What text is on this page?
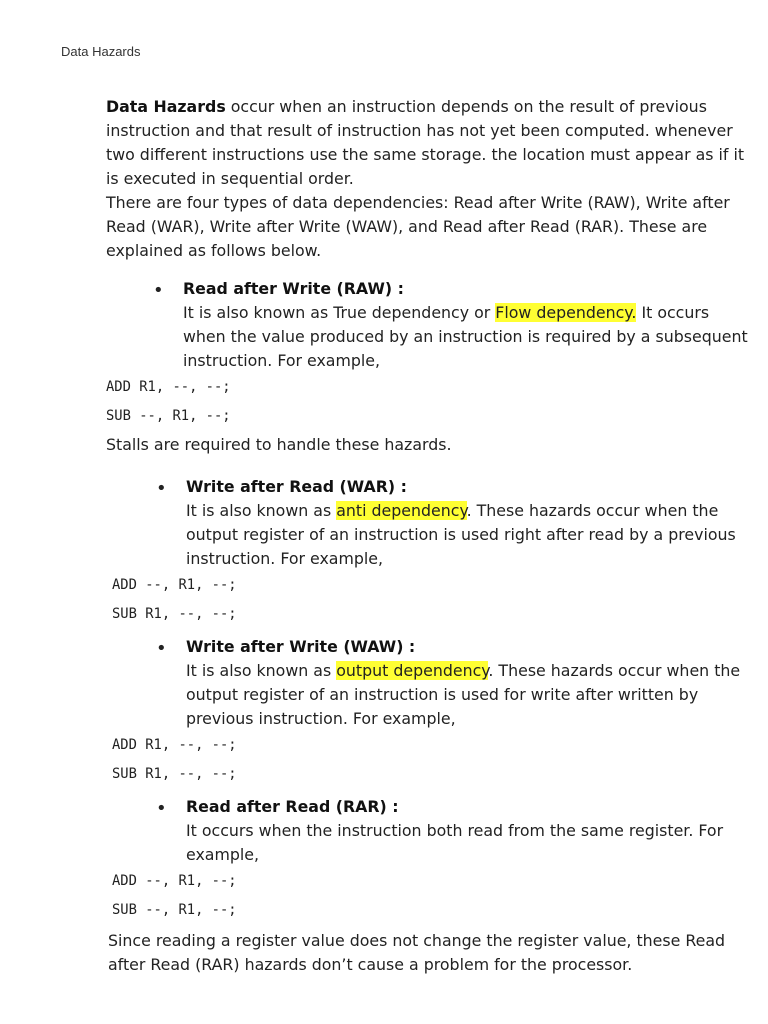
Data Hazards

Data Hazards occur when an instruction depends on the result of previous instruction and that result of instruction has not yet been computed. whenever two different instructions use the same storage. the location must appear as if it is executed in sequential order.

There are four types of data dependencies: Read after Write (RAW), Write after Read (WAR), Write after Write (WAW), and Read after Read (RAR). These are explained as follows below.

• Read after Write (RAW) :

It is also known as True dependency or Flow dependency. It occurs when the value produced by an instruction is required by a subsequent instruction. For example,

ADD R1, --, --;
SUB --, R1, --;

Stalls are required to handle these hazards.

• Write after Read (WAR) :

It is also known as anti dependency. These hazards occur when the output register of an instruction is used right after read by a previous instruction. For example,

ADD --, R1, --;
SUB R1, --, --;
• Write after Write (WAW) :

It is also known as output dependency. These hazards occur when the output register of an instruction is used for write after written by previous instruction. For example,

ADD R1, --, --;
SUB R1, --, --;
• Read after Read (RAR) :

It occurs when the instruction both read from the same register. For example,

ADD --, R1, --;
SUB --, R1, --;

Since reading a register value does not change the register value, these Read after Read (RAR) hazards don’t cause a problem for the processor.
